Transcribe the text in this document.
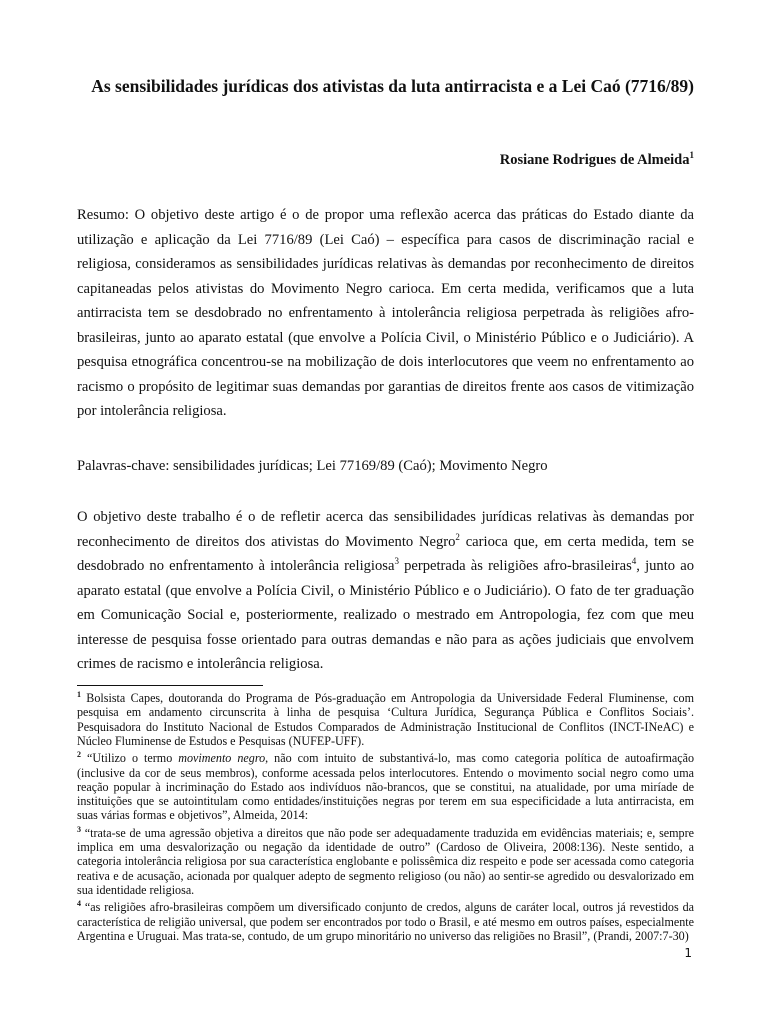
As sensibilidades jurídicas dos ativistas da luta antirracista e a Lei Caó (7716/89)
Rosiane Rodrigues de Almeida$^1$
Resumo: O objetivo deste artigo é o de propor uma reflexão acerca das práticas do Estado diante da utilização e aplicação da Lei 7716/89 (Lei Caó) – específica para casos de discriminação racial e religiosa, consideramos as sensibilidades jurídicas relativas às demandas por reconhecimento de direitos capitaneadas pelos ativistas do Movimento Negro carioca. Em certa medida, verificamos que a luta antirracista tem se desdobrado no enfrentamento à intolerância religiosa perpetrada às religiões afro-brasileiras, junto ao aparato estatal (que envolve a Polícia Civil, o Ministério Público e o Judiciário). A pesquisa etnográfica concentrou-se na mobilização de dois interlocutores que veem no enfrentamento ao racismo o propósito de legitimar suas demandas por garantias de direitos frente aos casos de vitimização por intolerância religiosa.
Palavras-chave: sensibilidades jurídicas; Lei 77169/89 (Caó); Movimento Negro
O objetivo deste trabalho é o de refletir acerca das sensibilidades jurídicas relativas às demandas por reconhecimento de direitos dos ativistas do Movimento Negro$^2$ carioca que, em certa medida, tem se desdobrado no enfrentamento à intolerância religiosa$^3$ perpetrada às religiões afro-brasileiras$^4$, junto ao aparato estatal (que envolve a Polícia Civil, o Ministério Público e o Judiciário). O fato de ter graduação em Comunicação Social e, posteriormente, realizado o mestrado em Antropologia, fez com que meu interesse de pesquisa fosse orientado para outras demandas e não para as ações judiciais que envolvem crimes de racismo e intolerância religiosa.

$^1$ Bolsista Capes, doutoranda do Programa de Pós-graduação em Antropologia da Universidade Federal Fluminense, com pesquisa em andamento circunscrita à linha de pesquisa ‘Cultura Jurídica, Segurança Pública e Conflitos Sociais’. Pesquisadora do Instituto Nacional de Estudos Comparados de Administração Institucional de Conflitos (INCT-INeAC) e Núcleo Fluminense de Estudos e Pesquisas (NUFEP-UFF).

$^2$ “Utilizo o termo movimento negro, não com intuito de substantivá-lo, mas como categoria política de autoafirmação (inclusive da cor de seus membros), conforme acessada pelos interlocutores. Entendo o movimento social negro como uma reação popular à incriminação do Estado aos indivíduos não-brancos, que se constitui, na atualidade, por uma miríade de instituições que se autointitulam como entidades/instituições negras por terem em sua especificidade a luta antirracista, em suas várias formas e objetivos”, Almeida, 2014:

$^3$ “trata-se de uma agressão objetiva a direitos que não pode ser adequadamente traduzida em evidências materiais; e, sempre implica em uma desvalorização ou negação da identidade de outro” (Cardoso de Oliveira, 2008:136). Neste sentido, a categoria intolerância religiosa por sua característica englobante e polissêmica diz respeito e pode ser acessada como categoria reativa e de acusação, acionada por qualquer adepto de segmento religioso (ou não) ao sentir-se agredido ou desvalorizado em sua identidade religiosa.

$^4$ “as religiões afro-brasileiras compõem um diversificado conjunto de credos, alguns de caráter local, outros já revestidos da característica de religião universal, que podem ser encontrados por todo o Brasil, e até mesmo em outros países, especialmente Argentina e Uruguai. Mas trata-se, contudo, de um grupo minoritário no universo das religiões no Brasil”, (Prandi, 2007:7-30)

1
